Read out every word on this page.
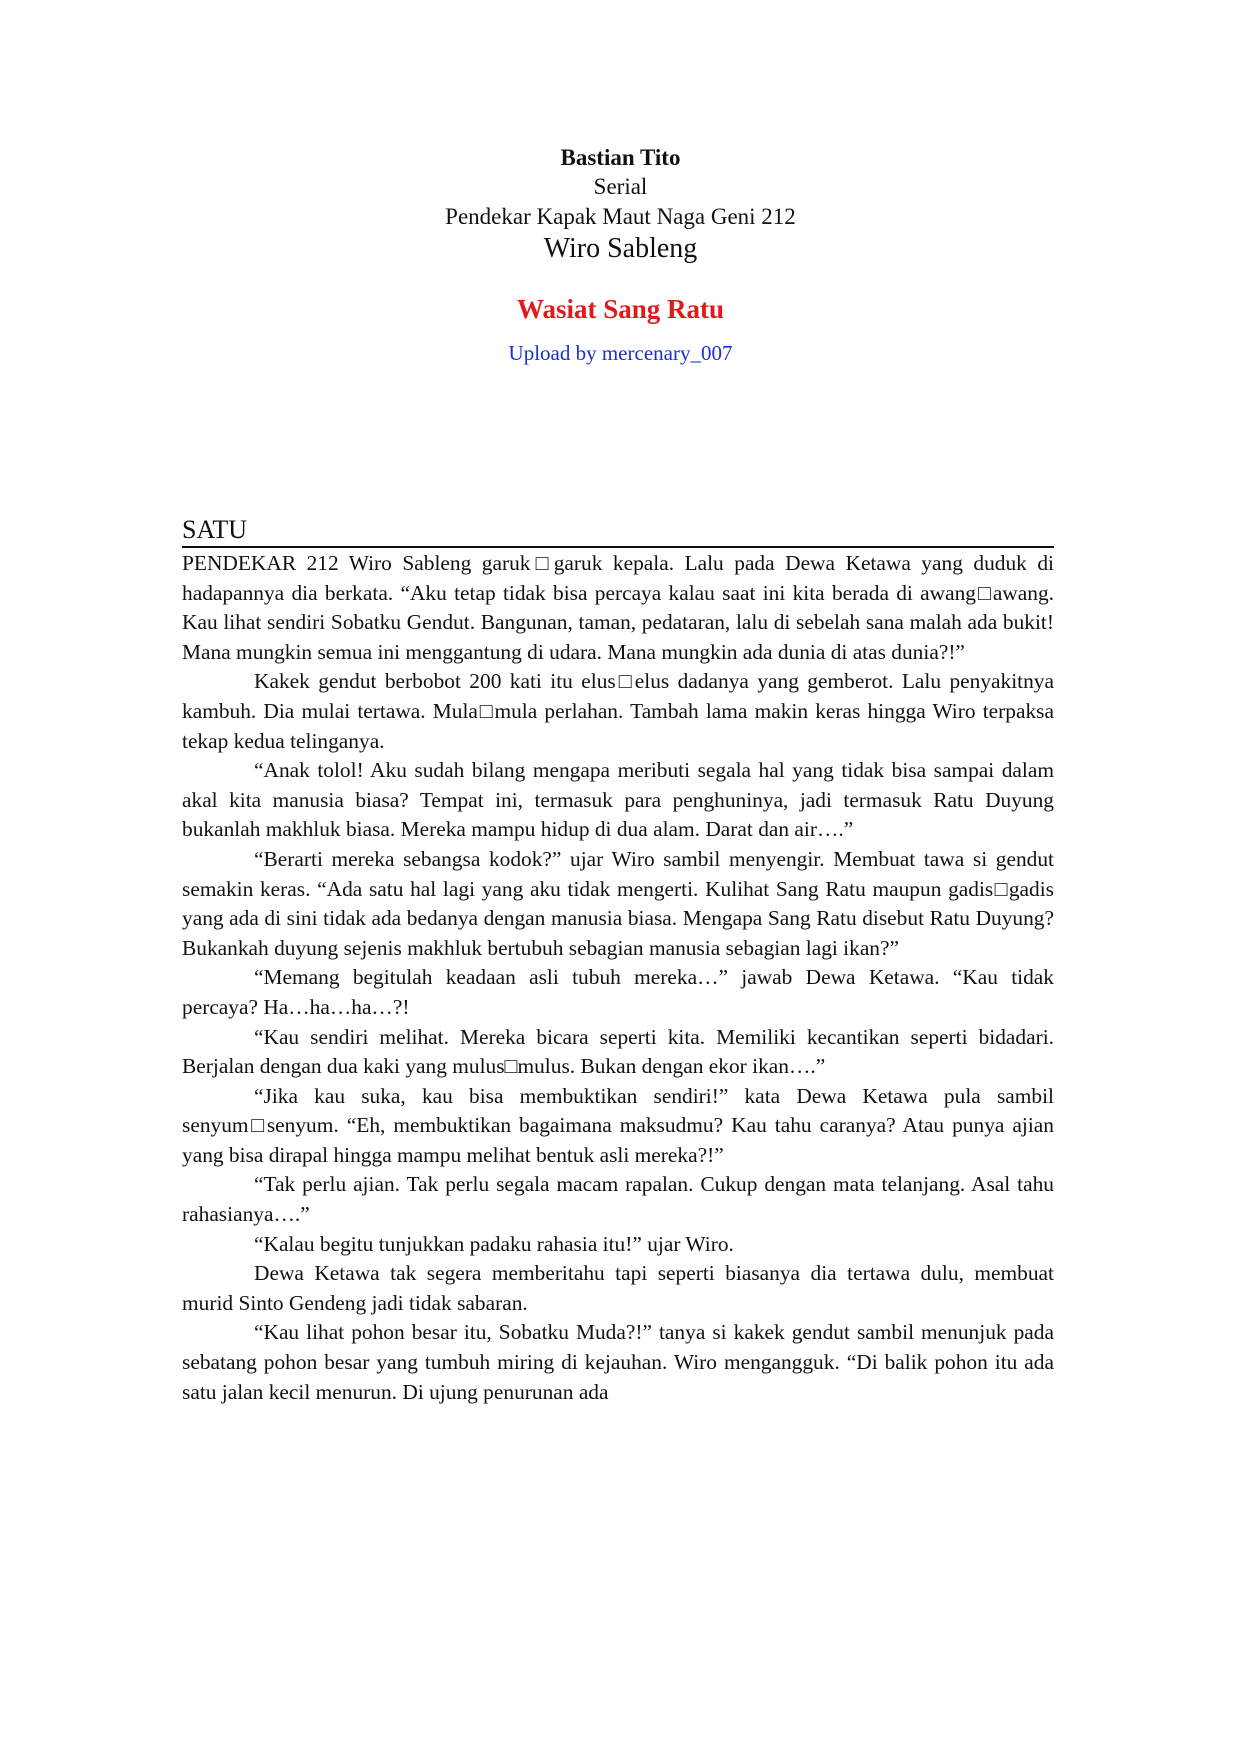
Bastian Tito
Serial
Pendekar Kapak Maut Naga Geni 212
Wiro Sableng
Wasiat Sang Ratu
Upload by mercenary_007
SATU

PENDEKAR 212 Wiro Sableng garuk□garuk kepala. Lalu pada Dewa Ketawa yang duduk di hadapannya dia berkata. “Aku tetap tidak bisa percaya kalau saat ini kita berada di awang□awang. Kau lihat sendiri Sobatku Gendut. Bangunan, taman, pedataran, lalu di sebelah sana malah ada bukit! Mana mungkin semua ini menggantung di udara. Mana mungkin ada dunia di atas dunia?!”

Kakek gendut berbobot 200 kati itu elus□elus dadanya yang gemberot. Lalu penyakitnya kambuh. Dia mulai tertawa. Mula□mula perlahan. Tambah lama makin keras hingga Wiro terpaksa tekap kedua telinganya.

“Anak tolol! Aku sudah bilang mengapa meributi segala hal yang tidak bisa sampai dalam akal kita manusia biasa? Tempat ini, termasuk para penghuninya, jadi termasuk Ratu Duyung bukanlah makhluk biasa. Mereka mampu hidup di dua alam. Darat dan air….”

“Berarti mereka sebangsa kodok?” ujar Wiro sambil menyengir. Membuat tawa si gendut semakin keras. “Ada satu hal lagi yang aku tidak mengerti. Kulihat Sang Ratu maupun gadis□gadis yang ada di sini tidak ada bedanya dengan manusia biasa. Mengapa Sang Ratu disebut Ratu Duyung? Bukankah duyung sejenis makhluk bertubuh sebagian manusia sebagian lagi ikan?”

“Memang begitulah keadaan asli tubuh mereka…” jawab Dewa Ketawa. “Kau tidak percaya? Ha…ha…ha…?!

“Kau sendiri melihat. Mereka bicara seperti kita. Memiliki kecantikan seperti bidadari. Berjalan dengan dua kaki yang mulus□mulus. Bukan dengan ekor ikan….”

“Jika kau suka, kau bisa membuktikan sendiri!” kata Dewa Ketawa pula sambil senyum□senyum. “Eh, membuktikan bagaimana maksudmu? Kau tahu caranya? Atau punya ajian yang bisa dirapal hingga mampu melihat bentuk asli mereka?!”

“Tak perlu ajian. Tak perlu segala macam rapalan. Cukup dengan mata telanjang. Asal tahu rahasianya….”

“Kalau begitu tunjukkan padaku rahasia itu!” ujar Wiro.

Dewa Ketawa tak segera memberitahu tapi seperti biasanya dia tertawa dulu, membuat murid Sinto Gendeng jadi tidak sabaran.

“Kau lihat pohon besar itu, Sobatku Muda?!” tanya si kakek gendut sambil menunjuk pada sebatang pohon besar yang tumbuh miring di kejauhan. Wiro mengangguk. “Di balik pohon itu ada satu jalan kecil menurun. Di ujung penurunan ada
